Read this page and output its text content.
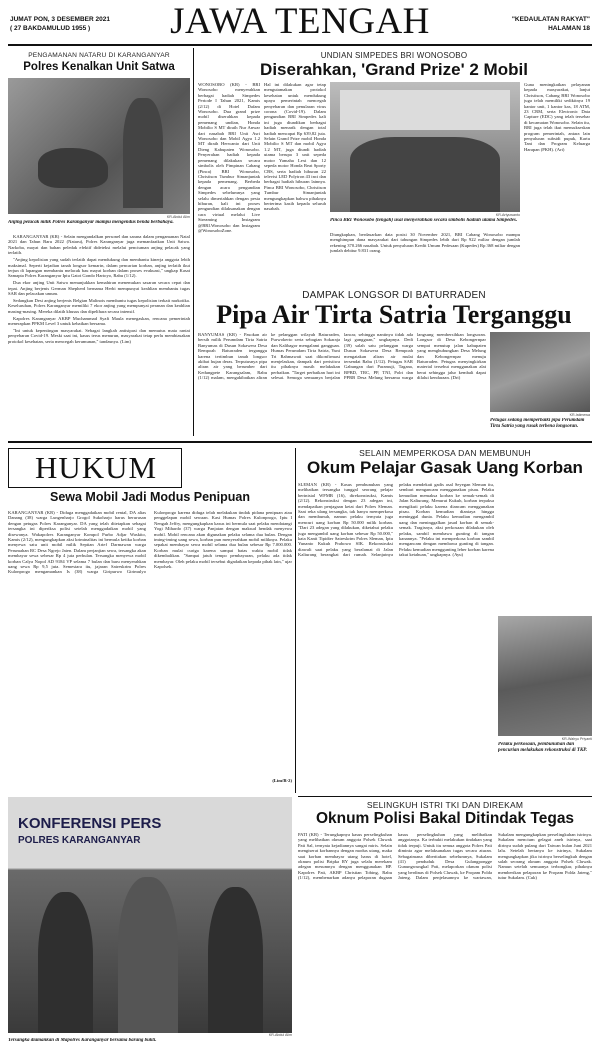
JUMAT PON, 3 DESEMBER 2021
( 27 BAKDAMULUD 1955 )	JAWA TENGAH	"KEDAULATAN RAKYAT"
HALAMAN 18
PENGAMANAN NATARU DI KARANGANYAR
Polres Kenalkan Unit Satwa
KR-Abdul Alim
Anjing pelacak milik Polres Karanganyar mampu mengendus benda berbahaya.

KARANGANYAR (KR) - Selain mengandalkan personel dan sarana dalam pengamanan Natal 2021 dan Tahun Baru 2022 (Nataru), Polres Karanganyar juga memanfaatkan Unit Satwa. Narkoba, mayat dan bahan peledak efektif dideteksi melalui penciuman anjing pelacak yang terlatih.

"Anjing kepolisian yang sudah terlatih dapat mendukung dan membantu kinerja anggota lebih maksimal. Seperti kejadian tanah longsor kemarin, dalam pencarian korban, anjing terlatih ikut terjun di lapangan membantu melacak bau mayat korban dalam proses evakuasi," ungkap Kasat Samapta Polres Karanganyar Iptu Gatot Gondo Hartoyo, Rabu (1/12).

Dua ekor anjing Unit Satwa menunjukkan kemahiran menemukan sasaran secara cepat dan tepat. Anjing berjenis German Shepherd bernama Herbi mempunyai keahlian membantu tugas SAR dan pelacakan umum.

Sedangkan Desi anjing berjenis Belgian Malinois membantu tugas kepolisian terkait narkotika. Keseluruhan, Polres Karanganyar memiliki 7 ekor anjing yang mempunyai peranan dan keahlian masing-masing. Mereka dilatih khusus dan dipelihara secara intensif.

Kapolres Karanganyar AKBP Muchammad Syafi Maula menegaskan, rencana pemerintah menerapkan PPKM Level 3 untuk kebaikan bersama.

"Ini untuk kepentingan masyarakat. Sebagai langkah antisipasi dan memutus mata rantai penyebaran Covid-19. Meski saat ini, kasus terus menurun, masyarakat tetap perlu membiasakan protokol kesehatan, serta mencegah kerumunan," tandasnya. (Lim)

UNDIAN SIMPEDES BRI WONOSOBO
Diserahkan, 'Grand Prize' 2 Mobil
WONOSOBO (KR) - BRI Wonosobo menyerahkan berbagai hadiah Simpedes Periode I Tahun 2021, Kamis (2/12) di Hotel Dafam Wonosobo. Dua grand prize mobil diserahkan kepada pemenang undian, Honda Mobilio S MT diraih Nur Anwar dari nasabah BRI Unit Asri Wonosobo dan Mobil Agya 1.2 MT diraih Herwanto dari Unit Dieng Kabupaten Wonosobo. Penyerahan hadiah kepada pemenang dilakukan secara simbolis oleh Pimpinan Cabang (Pinca) BRI Wonosobo, Christison Tumbur Simanjuntak kepada pemenang. Berbeda dengan acara pengundian Simpedes sebelumnya yang selalu dimeriahkan dengan pesta hiburan, kali ini proses pengundian dilaksanakan dengan cara virtual melalui Live Streaming Instagram @BRI.Wonosobo dan Instagram @WonosoboZone.
Hal ini dilakukan agar tetap mengutamakan protokol kesehatan untuk mendukung upaya pemerintah mencegah penyebaran dan penularan virus corona (Covid-19). Dalam pengundian BRI Simpedes kali ini juga diundikan berbagai hadiah menarik dengan total hadiah mencapai Rp 639,82 juta. Selain Grand Prize mobil Honda Mobilio S MT dan mobil Agya 1.2 MT, juga diundi hadiah utama berupa 3 unit sepeda motor Yamaha Lexi dan 12 sepeda motor Honda Beat Sporty CBS, serta hadiah hiburan 22 televisi LED Polytron 43 inci dan berbagai hadiah hiburan lainnya. Pinca BRI Wonosobo, Christison Tumbur Simanjuntak mengungkapkan bahwa pihaknya berterima kasih kepada seluruh nasabah.
KR-Artyuwanto
Pinca BRI Wonosobo (tengah) usai menyerahkan secara simbolis hadiah utama Simpedes.
Diungkapkan, berdasarkan data posisi 30 November 2021, BRI Cabang Wonosobo mampu menghimpun dana masyarakat dari tabungan Simpedes lebih dari Rp 922 miliar dengan jumlah rekening 370.266 nasabah. Untuk penyaluran Kredit Umum Pedesaan (Kupedes) Rp 368 miliar dengan jumlah debitur 9.831 orang.
Guna meningkatkan pelayanan kepada masyarakat, lanjut Christison, Cabang BRI Wonosobo juga telah memiliki sedikitnya 19 kantor unit, 1 kantor kas, 18 ATM, 23 CRM, serta Electronic Data Capture (EDC) yang telah tersebar di kecamatan Wonosobo. Selain itu, BRI juga telah ikut mensukseskan program pemerintah, antara lain penyaluran subsidi pupuk, Kartu Tani dan Program Keluarga Harapan (PKH). (Art)
DAMPAK LONGSOR DI BATURRADEN
Pipa Air Tirta Satria Terganggu
BANYUMAS (KR) - Pasokan air bersih milik Perumdam Tirta Satria Banyumas di Dusun Sokawera Desa Rempoah Baturraden terganggu karena tertimbun tanah longsor akibat hujan deras. Terputusnya pipa aliran air yang berumber dari Kedungpete Karangsalam, Rabu (1/12) malam, mengakibatkan aliran ke pelanggan wilayah Baturraden, Purwokerto serta sebagian Sokaraja dan Kalibagor mengalami gangguan. Humas Perumdam Tirta Satria, Yuni Tri Rahmawati saat dikonfirmasi menjelaskan, dampak dari peristiwa itu pihaknya masih melakukan perbaikan. "Target perbaikan hari ini selesai. Semoga semuanya berjalan lancar, sehingga nantinya tidak ada lagi gangguan," ungkapnya. Dedi (39) salah satu pelanggan warga Dusun Sokawera Desa Rempoah mengatakan aliran air mulai tersendat Rabu (1/12). Petugas SAR Gabungan dari Paramuji, Tagana, BPBD, TRC, PP, TNI, Polri dan PPRB Desa Melung bersama warga langsung membersihkan longsoran. Longsor di Desa Kebongernpar sempat menutup jalan kabupaten yang menghubungkan Desa Melung dan Kebongernpar menuju Baturraden. Petugas menyingkirkan material tersebut menggunakan alat berat sehingga jalur kembali dapat dilalui kendaraan. (Dri)
KR-Istimewa
Petugas sedang memperbaiki pipa Perumdam Tirta Satria yang rusak terbena longsoran.
HUKUM
Sewa Mobil Jadi Modus Penipuan
KARANGANYAR (KR) - Diduga menggadaikan mobil rental, DA alias Danang (38) warga Lungenharjo Grogol Sukoharjo harus berurusan dengan petugas Polres Karanganyar. DA yang telah ditetapkan sebagai tersangka ini diperiksa polisi setelah menggadaikan mobil yang disewanya. Wakapolres Karanganyar Kompol Purbo Adjar Waskito, Kamis (2/12), mengungkapkan aksi kriminalitas ini bermula ketika korban menyewa satu unit mobil milik Septian Arief Darmawan warga Perumahan RC Desa Ngrejo Jaten. Dalam perjanjian sewa, tersangka akan membayar sewa sebesar Rp 4 juta perbulan. Tersangka menyewa mobil korban Calya Nopol AD 9184 VP selama 7 bulan dan baru menyerahkan uang sewa Rp 9,5 juta. Semestara itu, jajaran Satreskrim Polres Kulonprogo mengamankan Is (38) warga Giripurwo Girimulyo Kulonprogo karena diduga telah melakukan tindak pidana penipuan atau penggelapan mobil sewaan. Kasi Humas Polres Kulonprogo, Iptu I Nengah Jeffry, mengungkapkan kasus ini bermula saat pelaku mendatangi Yogi Mihardo (37) warga Panjatan dengan maksud hendak menyewa mobil. Mobil rencana akan digunakan pelaku selama dua bulan. Dengan iming-iming uang sewa, korban pun menyerahkan mobil miliknya. Pelaku sepakat membayar sewa mobil selama dua bulan sebesar Rp 7.000.000. Korban mulai curiga karena sampai batas waktu mobil tidak dikembalikan. "Sampai jatuh tempo pembayaran, pelaku ada tidak membayar. Oleh pelaku mobil tersebut digadaikan kepada pihak lain," ujar Kapolsek.
(Lim/R-2)
SELAIN MEMPERKOSA DAN MEMBUNUH
Okum Pelajar Gasak Uang Korban
SLEMAN (KR) - Kasus pembunuhan yang melibatkan tersangka tunggal seorang pelajar berinisial WFMB (16), direkonstruksi, Kamis (2/12). Rekonstruksi dengan 23 adegan ini, mendapatkan penjagaan ketat dari Polres Sleman. Saat reka ulang tersangka, tak hanya memperkosa dan membunuh, namun pelaku ternyata juga mencuri uang korban Rp 50.000 milik korban. "Dari 23 adegan yang dilakukan, diketahui pelaku juga mengambil uang korban sebesar Rp 50.000," kata Kanit Tipidter Satreskrim Polres Sleman, Iptu Yunanto Kukuh Prabowo SIK. Rekonstruksi diawali saat pelaku yang beralamat di Jalan Kaliurang berangkat dari rumah. Selanjutnya pelaku mendekati gadis asal Seyegan Sleman itu, sembari mengancam menggunakan pisau. Pelaku kemudian memaksa korban ke semak-semak di Jalan Kaliurang. Menurut Kukuh, korban terpaksa mengikuti pelaku karena diancam menggunakan pisau. Korban kemudian dianiaya hingga meninggal dunia. Pelaku kemudian mengambil uang dan meninggalkan jasad korban di semak-semak. Tragisnya, aksi perkosaan dilakukan oleh pelaku, sambil membawa gunting di tangan kanannya. "Pelaku ini memperkosa korban sambil mengancam dengan membawa gunting di tangan. Pelaku kemudian menggunting leher korban karena takut ketahuan," ungkapnya. (Ayu)
KR-Wahyu Priyanti
Pelaku perkosaan, pembunuhan dan pencurian melakukan rekonstruksi di TKP.
KONFERENSI PERS
POLRES KARANGANYAR
KR-Abdul Alim
Tersangka diamankan di Mapolres Karanganyar bersama barang bukti.
SELINGKUH ISTRI TKI DAN DIREKAM
Oknum Polisi Bakal Ditindak Tegas
PATI (KR) - Terungkapnya kasus perselingkuhan yang melibatkan oknum anggota Polsek Cluwak Pati Sal, ternyata kejadiannya sangat miris. Selain mengiserat korbannya dengan modus utang, maka saat korban membayar utang harus di hotel, oknum polisi Bripka RY juga selalu merekam adegan mesumnya dengan menggunakan HP. Kapolres Pati, AKBP Christian Tobing, Rabu (1/12), membenarkan adanya pelaporan dugaan kasus perselingkuhan yang melibatkan anggotanya. Ka terbukti melakukan tindakan yang tidak terpuji. Untuk itu semua anggota Polres Pati diminta agar melaksanakan tugas secara aturan. Sebagaimana diberitakan sebelumnya, Sukalam (41) penduduk Desa Gulangpongge Gunungwungkal Pati, melaporkan oknum polisi yang berdinas di Polsek Cluwak, ke Propam Polda Jateng. Dalam penjelasannya ke wartawan, Sukalam mengungkapkan perselingkuhan istrinya. Sukalam mencium gelagat aneh istrinya, saat dirinya sudah pulang dari Taiwan bulan Juni 2021 lalu. Setelah bertanya ke istrinya, Sukalam mengungkapkan jika istrinya berselingkuh dengan salah seorang oknum anggota Polsek Cluwak. Namun setelah semuanya terbongkar, pihaknya memberikan pelaporan ke Propam Polda Jateng," tutur Sukalam. (Cuk)
